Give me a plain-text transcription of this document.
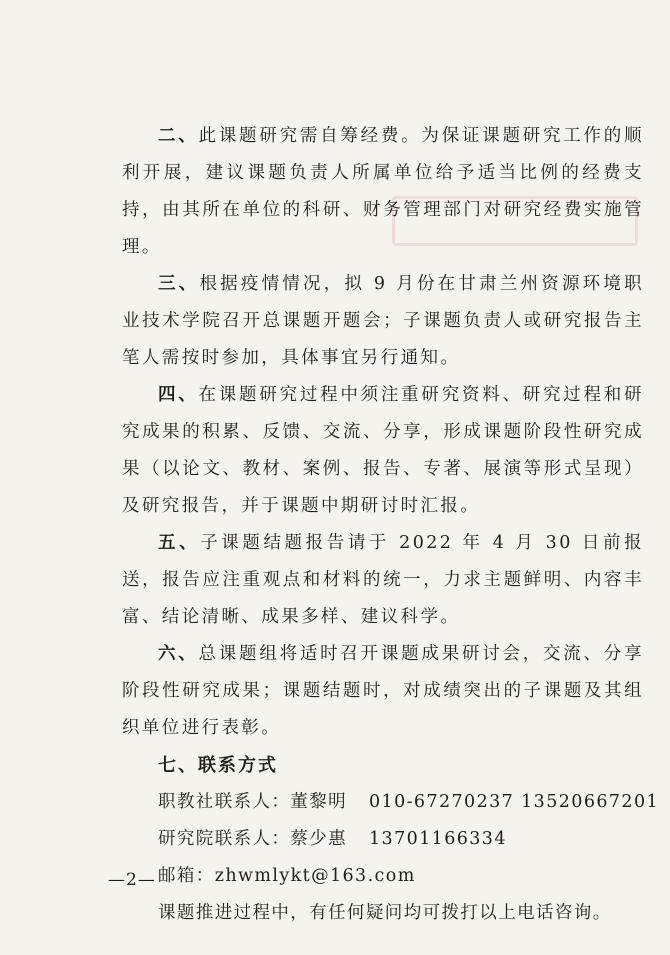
二、此课题研究需自筹经费。为保证课题研究工作的顺利开展，建议课题负责人所属单位给予适当比例的经费支持，由其所在单位的科研、财务管理部门对研究经费实施管理。

三、根据疫情情况，拟 9 月份在甘肃兰州资源环境职业技术学院召开总课题开题会；子课题负责人或研究报告主笔人需按时参加，具体事宜另行通知。

四、在课题研究过程中须注重研究资料、研究过程和研究成果的积累、反馈、交流、分享，形成课题阶段性研究成果（以论文、教材、案例、报告、专著、展演等形式呈现）及研究报告，并于课题中期研讨时汇报。

五、子课题结题报告请于 2022 年 4 月 30 日前报送，报告应注重观点和材料的统一，力求主题鲜明、内容丰富、结论清晰、成果多样、建议科学。

六、总课题组将适时召开课题成果研讨会，交流、分享阶段性研究成果；课题结题时，对成绩突出的子课题及其组织单位进行表彰。

七、联系方式

职教社联系人：董黎明 010-67270237 13520667201

研究院联系人：蔡少惠 13701166334

邮箱：zhwmlykt@163.com

课题推进过程中，有任何疑问均可拨打以上电话咨询。

—2—
